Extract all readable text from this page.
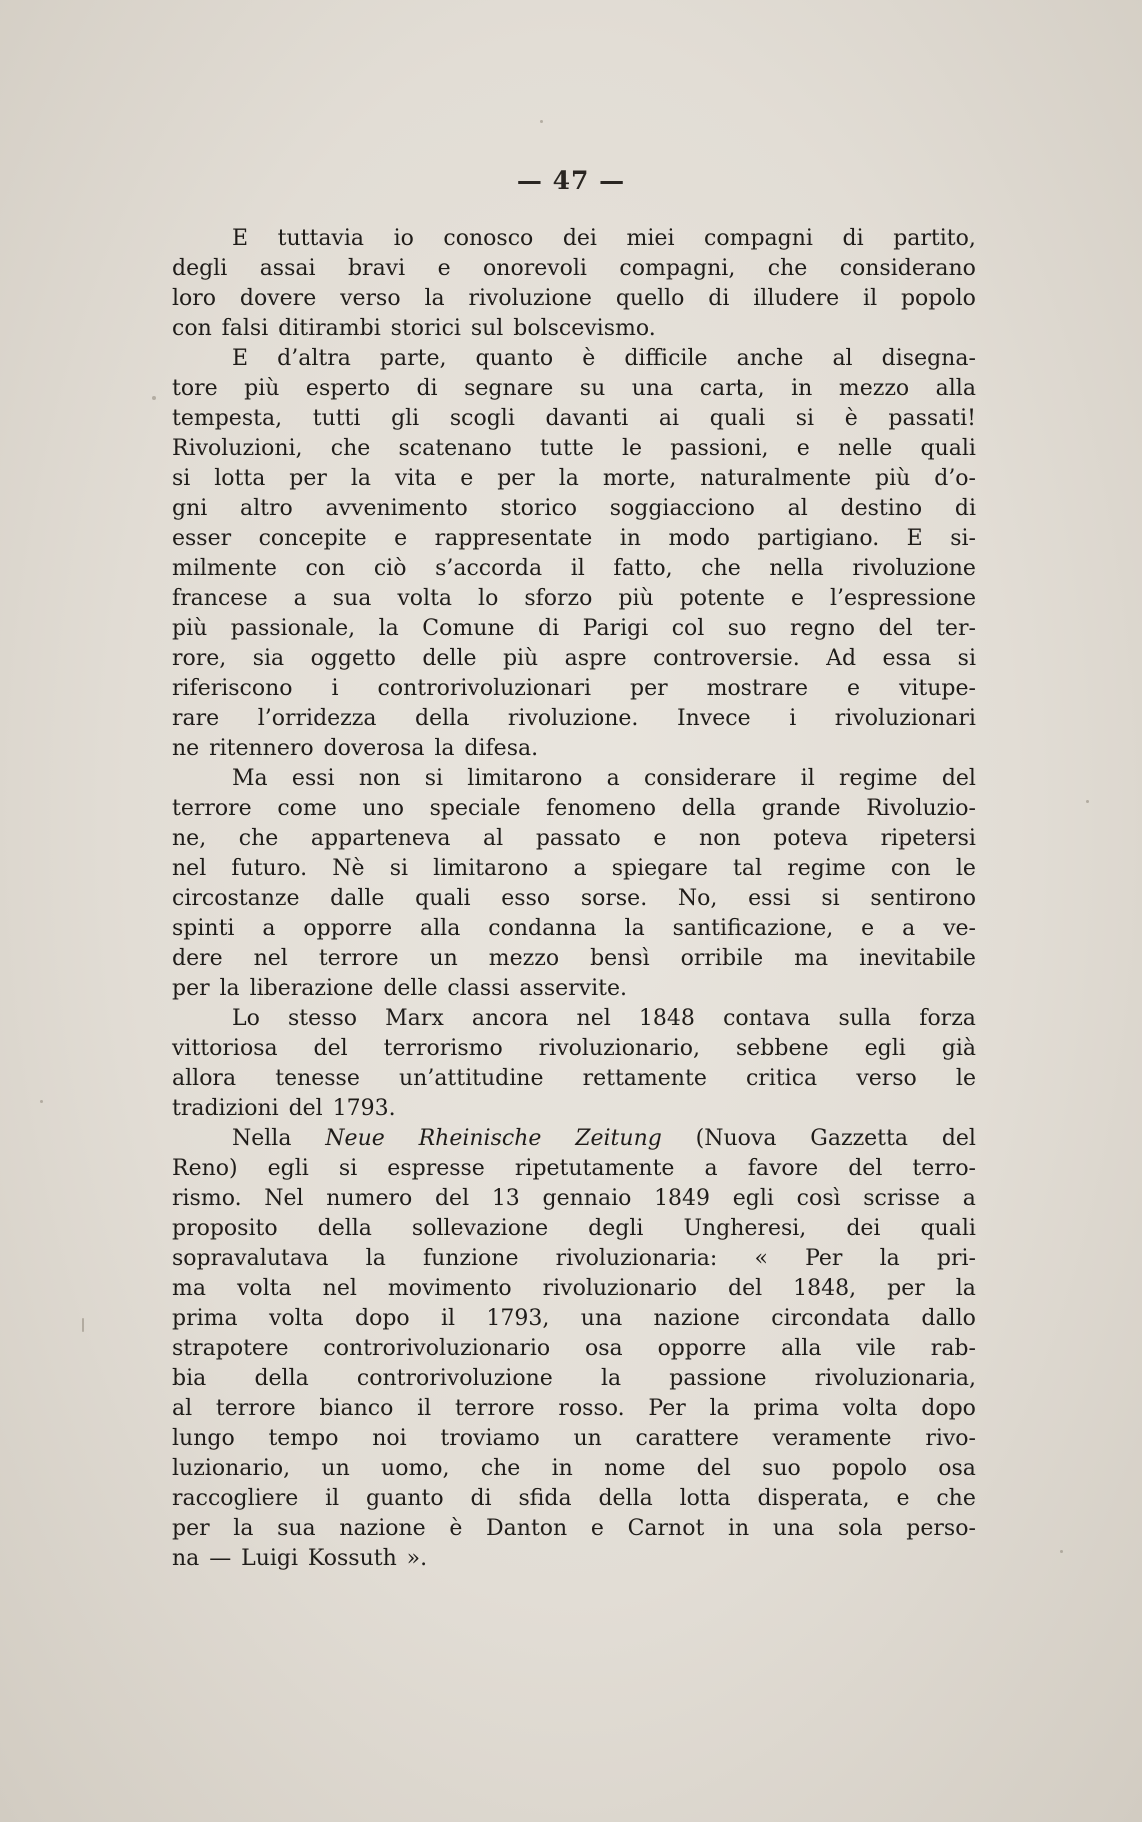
— 47 —
E tuttavia io conosco dei miei compagni di partito,
degli assai bravi e onorevoli compagni, che considerano
loro dovere verso la rivoluzione quello di illudere il popolo
con falsi ditirambi storici sul bolscevismo.
E d’altra parte, quanto è difficile anche al disegna-
tore più esperto di segnare su una carta, in mezzo alla
tempesta, tutti gli scogli davanti ai quali si è passati!
Rivoluzioni, che scatenano tutte le passioni, e nelle quali
si lotta per la vita e per la morte, naturalmente più d’o-
gni altro avvenimento storico soggiacciono al destino di
esser concepite e rappresentate in modo partigiano. E si-
milmente con ciò s’accorda il fatto, che nella rivoluzione
francese a sua volta lo sforzo più potente e l’espressione
più passionale, la Comune di Parigi col suo regno del ter-
rore, sia oggetto delle più aspre controversie. Ad essa si
riferiscono i controrivoluzionari per mostrare e vitupe-
rare l’orridezza della rivoluzione. Invece i rivoluzionari
ne ritennero doverosa la difesa.
Ma essi non si limitarono a considerare il regime del
terrore come uno speciale fenomeno della grande Rivoluzio-
ne, che apparteneva al passato e non poteva ripetersi
nel futuro. Nè si limitarono a spiegare tal regime con le
circostanze dalle quali esso sorse. No, essi si sentirono
spinti a opporre alla condanna la santificazione, e a ve-
dere nel terrore un mezzo bensì orribile ma inevitabile
per la liberazione delle classi asservite.
Lo stesso Marx ancora nel 1848 contava sulla forza
vittoriosa del terrorismo rivoluzionario, sebbene egli già
allora tenesse un’attitudine rettamente critica verso le
tradizioni del 1793.
Nella Neue Rheinische Zeitung (Nuova Gazzetta del
Reno) egli si espresse ripetutamente a favore del terro-
rismo. Nel numero del 13 gennaio 1849 egli così scrisse a
proposito della sollevazione degli Ungheresi, dei quali
sopravalutava la funzione rivoluzionaria: « Per la pri-
ma volta nel movimento rivoluzionario del 1848, per la
prima volta dopo il 1793, una nazione circondata dallo
strapotere controrivoluzionario osa opporre alla vile rab-
bia della controrivoluzione la passione rivoluzionaria,
al terrore bianco il terrore rosso. Per la prima volta dopo
lungo tempo noi troviamo un carattere veramente rivo-
luzionario, un uomo, che in nome del suo popolo osa
raccogliere il guanto di sfida della lotta disperata, e che
per la sua nazione è Danton e Carnot in una sola perso-
na — Luigi Kossuth ».
